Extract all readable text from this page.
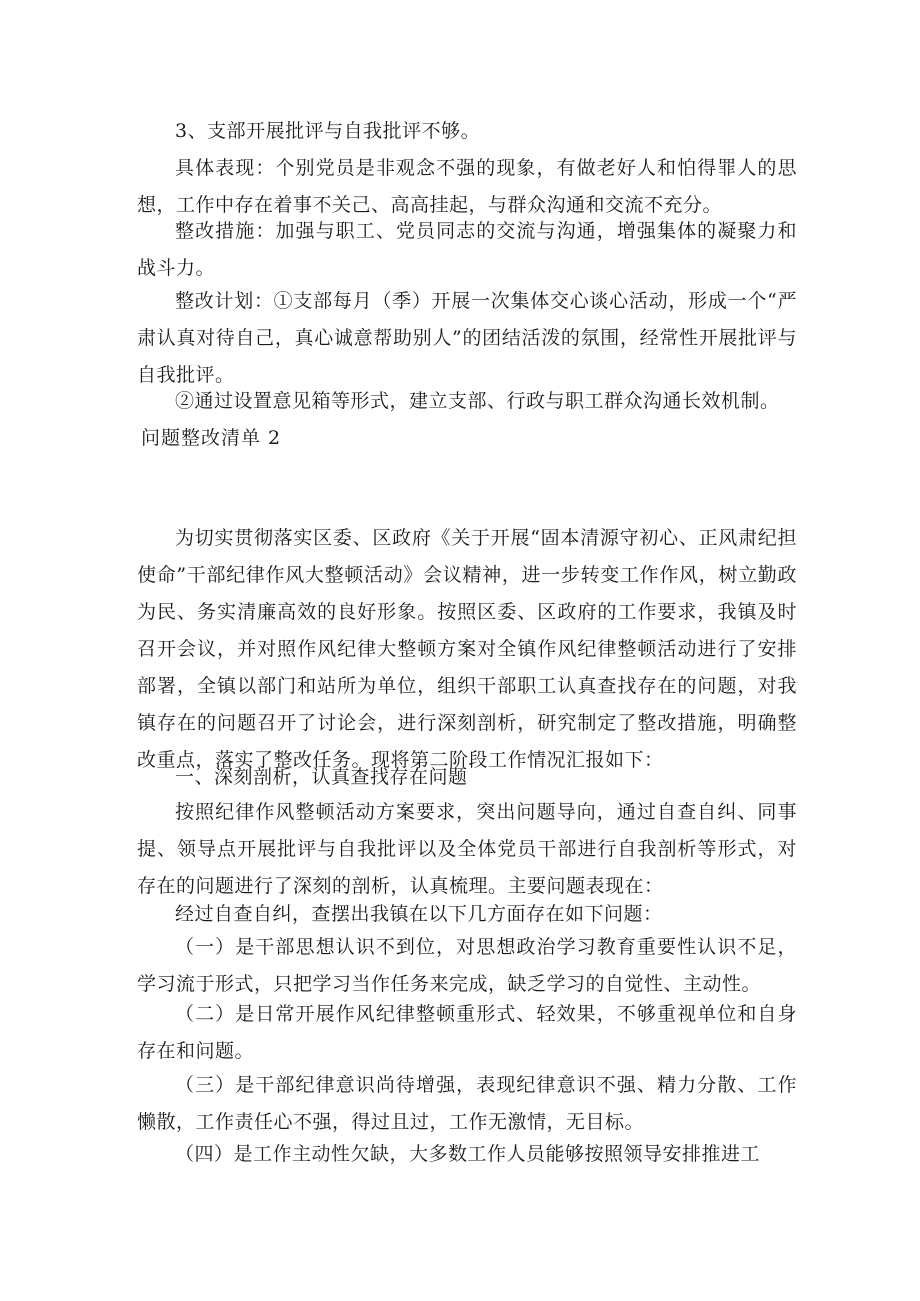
3、支部开展批评与自我批评不够。

具体表现：个别党员是非观念不强的现象，有做老好人和怕得罪人的思想，工作中存在着事不关己、高高挂起，与群众沟通和交流不充分。

整改措施：加强与职工、党员同志的交流与沟通，增强集体的凝聚力和战斗力。

整改计划：①支部每月（季）开展一次集体交心谈心活动，形成一个“严肃认真对待自己，真心诚意帮助别人”的团结活泼的氛围，经常性开展批评与自我批评。

②通过设置意见箱等形式，建立支部、行政与职工群众沟通长效机制。

问题整改清单 2

为切实贯彻落实区委、区政府《关于开展“固本清源守初心、正风肃纪担使命”干部纪律作风大整顿活动》会议精神，进一步转变工作作风，树立勤政为民、务实清廉高效的良好形象。按照区委、区政府的工作要求，我镇及时召开会议，并对照作风纪律大整顿方案对全镇作风纪律整顿活动进行了安排部署，全镇以部门和站所为单位，组织干部职工认真查找存在的问题，对我镇存在的问题召开了讨论会，进行深刻剖析，研究制定了整改措施，明确整改重点，落实了整改任务。现将第二阶段工作情况汇报如下：

一、深刻剖析，认真查找存在问题

按照纪律作风整顿活动方案要求，突出问题导向，通过自查自纠、同事提、领导点开展批评与自我批评以及全体党员干部进行自我剖析等形式，对存在的问题进行了深刻的剖析，认真梳理。主要问题表现在：

经过自查自纠，查摆出我镇在以下几方面存在如下问题：

（一）是干部思想认识不到位，对思想政治学习教育重要性认识不足，学习流于形式，只把学习当作任务来完成，缺乏学习的自觉性、主动性。

（二）是日常开展作风纪律整顿重形式、轻效果，不够重视单位和自身存在和问题。

（三）是干部纪律意识尚待增强，表现纪律意识不强、精力分散、工作懒散，工作责任心不强，得过且过，工作无激情，无目标。

（四）是工作主动性欠缺，大多数工作人员能够按照领导安排推进工
